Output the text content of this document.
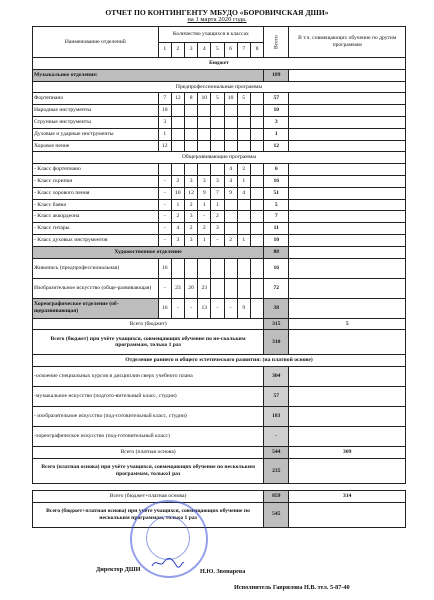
ОТЧЕТ ПО КОНТИНГЕНТУ МБУДО «БОРОВИЧСКАЯ ДШИ»
на 1 марта 2020 года.
Наименование отделений	Количество учащихся в классах								Всего	В т.ч. совмещающих обучение по другим программам
	1	2	3	4	5	6	7	8		
Бюджет										
Музыкальное отделение:									189	
Предпрофессиональные программы										
Фортепиано	7	12	8	10	5	10	5		57	
Народные инструменты	10								10	
Струнные инструменты	3								3	
Духовые и ударные инструменты	1								1	
Хоровое пение	12								12	
Общеразвивающие программы										
- Класс фортепиано						4	2		6	
- Класс скрипки	-	2	3	3	3	4	1		16	
- Класс хорового пения	-	10	12	9	7	9	4		51	
- Класс баяна	-	1	2	1	1				5	
- Класс аккордеона	-	2	3	-	2				7	
- Класс гитары	-	4	2	2	3				11	
- Класс духовых инструментов	-	3	3	1	-	2	1		10	
Художественное отделение									88	
Живопись (предпрофессиональная)	16								16	
Изобразительное искусство (обще-развивающая)	-	23	26	23					72	
Хореографическое отделение (об-щеразвивающая)	16	-	-	13	-	-	9		38	
Всего (бюджет)									315	5
Всего (бюджет) при учёте учащихся, совмещающих обучение по не-скольким программам, только 1 раз									310	
Отделение раннего и общего эстетического развития: (на платной основе)										
-освоение специальных курсов и дисциплин сверх учебного плана									304	
-музыкальное искусство (подгото-вительный класс, студии)									57	
- изобразительное искусство (под-готовительный класс, студии)									183	
-хореографическое искусство (под-готовительный класс)									-	
Всего (платная основа)									544	309
Всего (платная основа) при учёте учащихся, совмещающих обучение по нескольким программам, только1 раз									235	

Всего (бюджет+платная основа)									859	314
Всего (бюджет+платная основа) при учёте учащихся, совмещающих обучение по нескольким программам, только 1 раз									545	
Директор ДШИ	Н.Ю. Звонарева
Исполнитель Гаврилова Н.В. тел. 5-87-40
